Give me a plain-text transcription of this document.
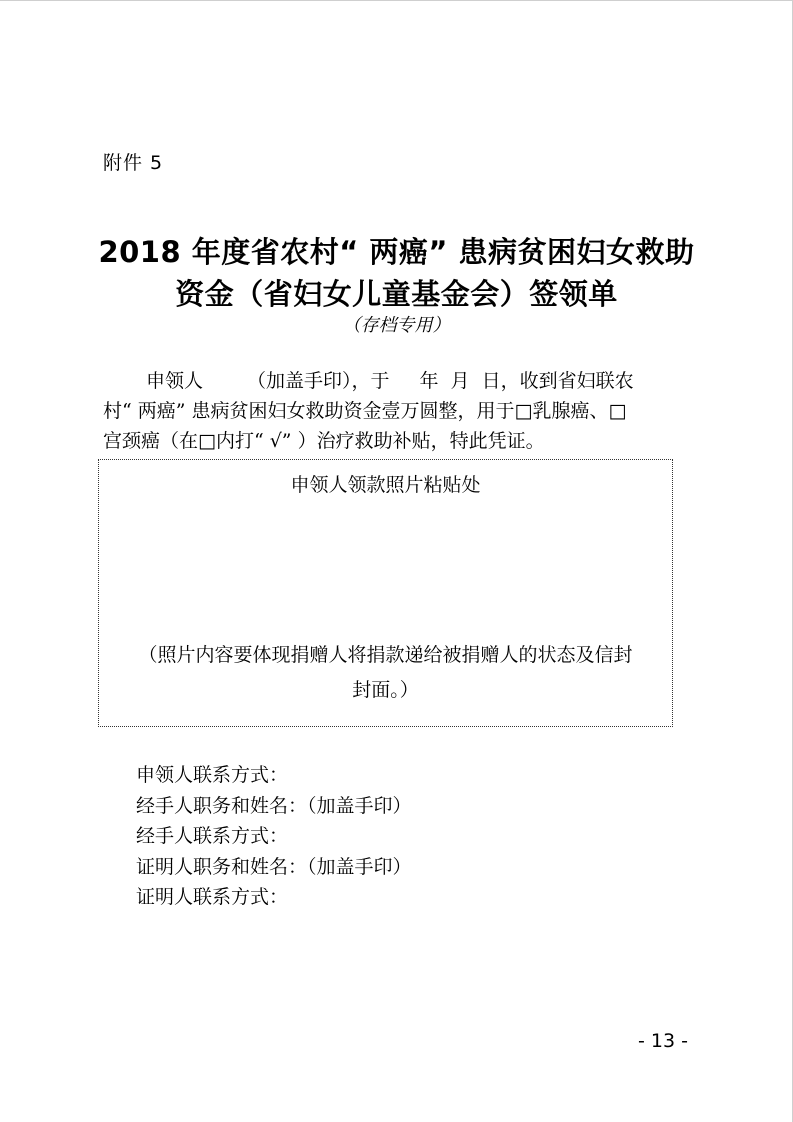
附件 5
2018 年度省农村“ 两癌” 患病贫困妇女救助
资金（省妇女儿童基金会）签领单
（存档专用）
申领人 （加盖手印），于 年 月 日，收到省妇联农
村“ 两癌” 患病贫困妇女救助资金壹万圆整，用于□乳腺癌、□
宫颈癌（在□内打“ √” ）治疗救助补贴，特此凭证。
申领人领款照片粘贴处
（照片内容要体现捐赠人将捐款递给被捐赠人的状态及信封
封面。）
申领人联系方式：
经手人职务和姓名：（加盖手印）
经手人联系方式：
证明人职务和姓名：（加盖手印）
证明人联系方式：
- 13 -
